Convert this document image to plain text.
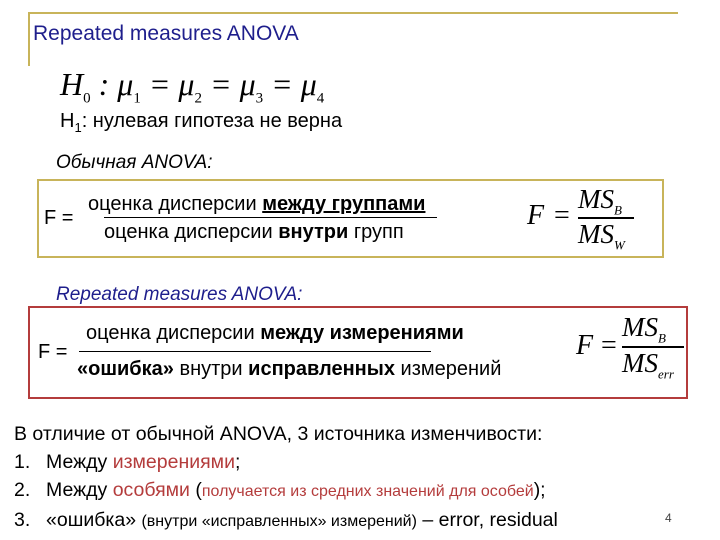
Repeated measures ANOVA
$H_0$ : $\mu_1 = \mu_2 = \mu_3 = \mu_4$
$H_1$: нулевая гипотеза не верна
Обычная ANOVA:
F =
оценка дисперсии между группами
оценка дисперсии внутри групп
F =
$MS_B$
$MS_W$
Repeated measures ANOVA:
F =
оценка дисперсии между измерениями
«ошибка» внутри исправленных измерений
F =
$MS_B$
$MS_{err}$
В отличие от обычной ANOVA, 3 источника изменчивости:
1. Между измерениями;
2. Между особями (получается из средних значений для особей);
3. «ошибка» (внутри «исправленных» измерений) – error, residual	4
